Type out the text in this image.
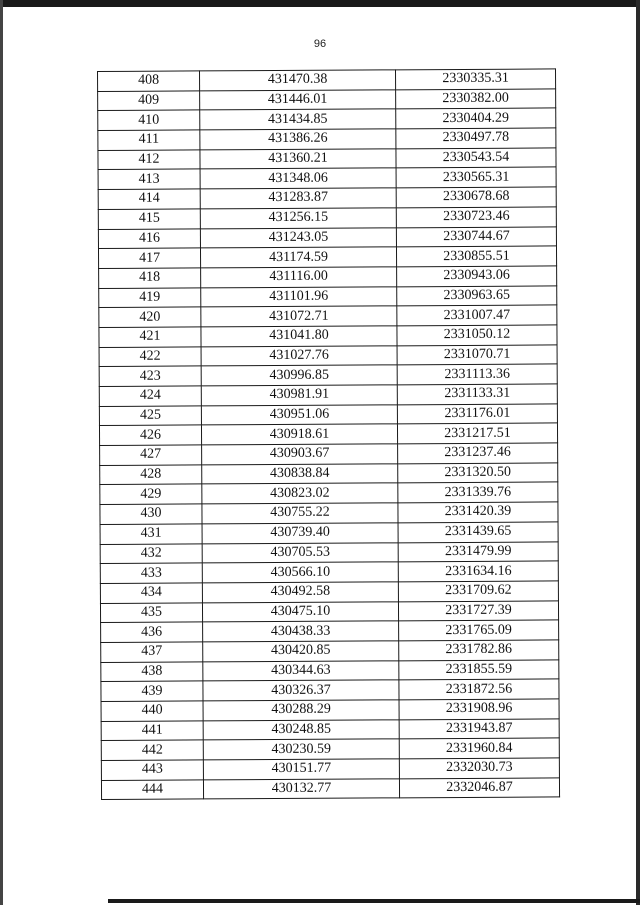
96
408	431470.38	2330335.31
409	431446.01	2330382.00
410	431434.85	2330404.29
411	431386.26	2330497.78
412	431360.21	2330543.54
413	431348.06	2330565.31
414	431283.87	2330678.68
415	431256.15	2330723.46
416	431243.05	2330744.67
417	431174.59	2330855.51
418	431116.00	2330943.06
419	431101.96	2330963.65
420	431072.71	2331007.47
421	431041.80	2331050.12
422	431027.76	2331070.71
423	430996.85	2331113.36
424	430981.91	2331133.31
425	430951.06	2331176.01
426	430918.61	2331217.51
427	430903.67	2331237.46
428	430838.84	2331320.50
429	430823.02	2331339.76
430	430755.22	2331420.39
431	430739.40	2331439.65
432	430705.53	2331479.99
433	430566.10	2331634.16
434	430492.58	2331709.62
435	430475.10	2331727.39
436	430438.33	2331765.09
437	430420.85	2331782.86
438	430344.63	2331855.59
439	430326.37	2331872.56
440	430288.29	2331908.96
441	430248.85	2331943.87
442	430230.59	2331960.84
443	430151.77	2332030.73
444	430132.77	2332046.87
